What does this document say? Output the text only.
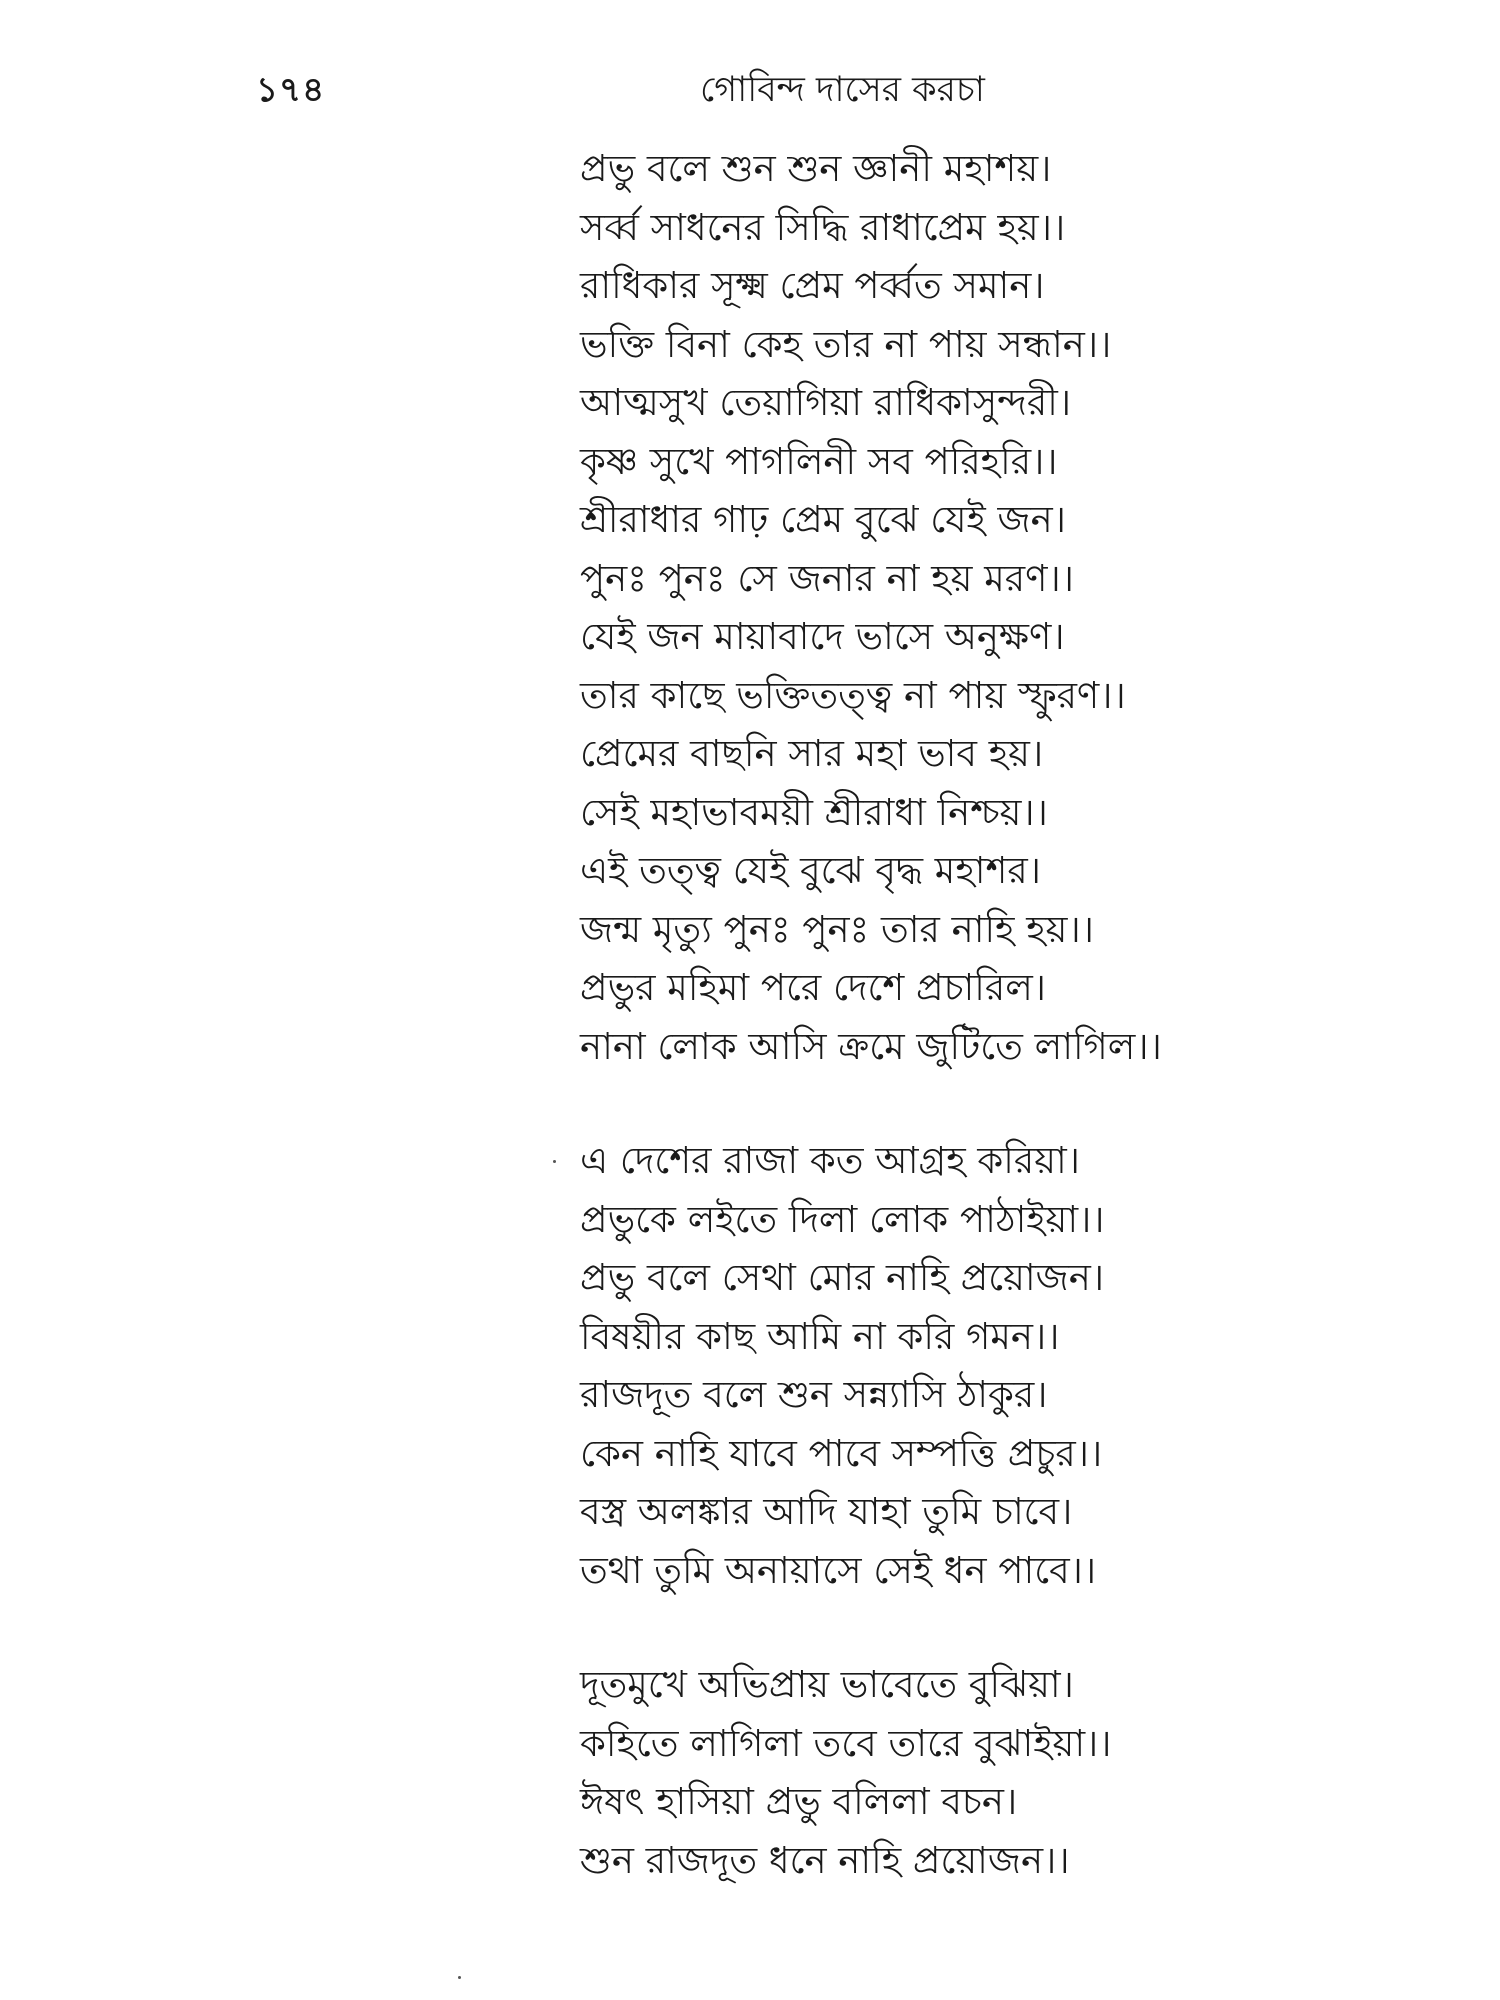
১৭৪	গোবিন্দ দাসের করচা
প্রভু বলে শুন শুন জ্ঞানী মহাশয়।
সর্ব্ব সাধনের সিদ্ধি রাধাপ্রেম হয়।।
রাধিকার সূক্ষ্ম প্রেম পর্ব্বত সমান।
ভক্তি বিনা কেহ তার না পায় সন্ধান।।
আত্মসুখ তেয়াগিয়া রাধিকাসুন্দরী।
কৃষ্ণ সুখে পাগলিনী সব পরিহরি।।
শ্রীরাধার গাঢ় প্রেম বুঝে যেই জন।
পুনঃ পুনঃ সে জনার না হয় মরণ।।
যেই জন মায়াবাদে ভাসে অনুক্ষণ।
তার কাছে ভক্তিতত্ত্ব না পায় স্ফুরণ।।
প্রেমের বাছনি সার মহা ভাব হয়।
সেই মহাভাবময়ী শ্রীরাধা নিশ্চয়।।
এই তত্ত্ব যেই বুঝে বৃদ্ধ মহাশর।
জন্ম মৃত্যু পুনঃ পুনঃ তার নাহি হয়।।
প্রভুর মহিমা পরে দেশে প্রচারিল।
নানা লোক আসি ক্রমে জুটিতে লাগিল।।
এ দেশের রাজা কত আগ্রহ করিয়া।
প্রভুকে লইতে দিলা লোক পাঠাইয়া।।
প্রভু বলে সেথা মোর নাহি প্রয়োজন।
বিষয়ীর কাছ আমি না করি গমন।।
রাজদূত বলে শুন সন্ন্যাসি ঠাকুর।
কেন নাহি যাবে পাবে সম্পত্তি প্রচুর।।
বস্ত্র অলঙ্কার আদি যাহা তুমি চাবে।
তথা তুমি অনায়াসে সেই ধন পাবে।।
দূতমুখে অভিপ্রায় ভাবেতে বুঝিয়া।
কহিতে লাগিলা তবে তারে বুঝাইয়া।।
ঈষৎ হাসিয়া প্রভু বলিলা বচন।
শুন রাজদূত ধনে নাহি প্রয়োজন।।
